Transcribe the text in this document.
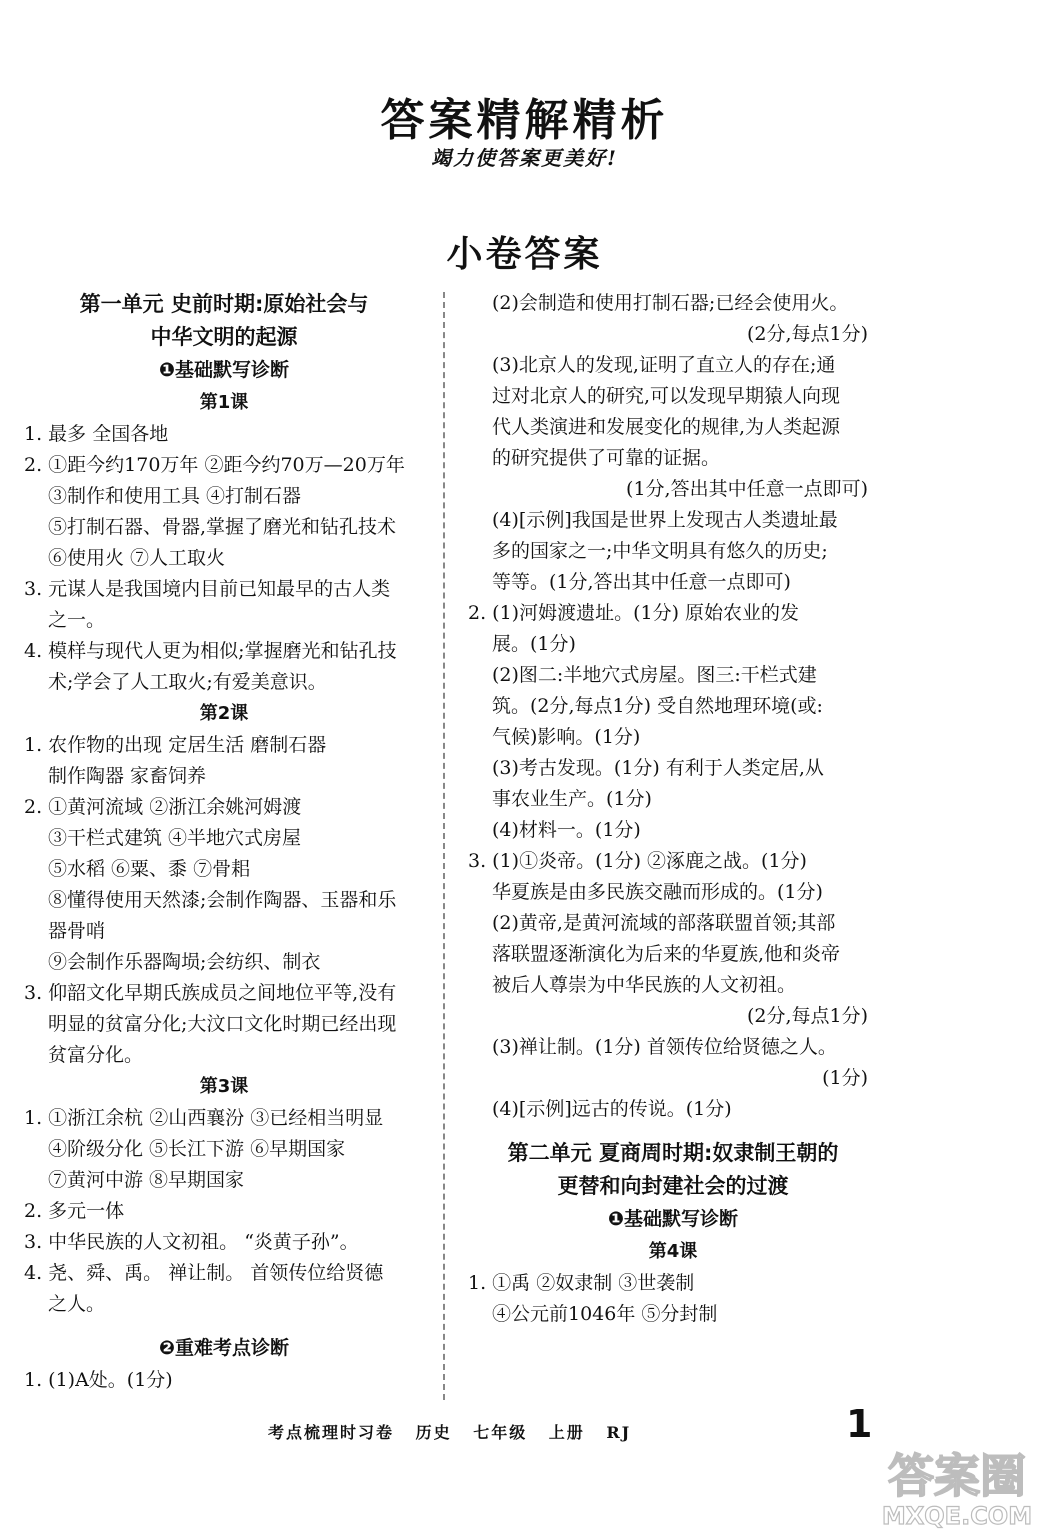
答案精解精析
竭力使答案更美好!
小卷答案
第一单元 史前时期:原始社会与
中华文明的起源
❶基础默写诊断
第1课
1. 最多 全国各地
2. ①距今约170万年 ②距今约70万—20万年
③制作和使用工具 ④打制石器
⑤打制石器、骨器,掌握了磨光和钻孔技术
⑥使用火 ⑦人工取火
3. 元谋人是我国境内目前已知最早的古人类
之一。
4. 模样与现代人更为相似;掌握磨光和钻孔技
术;学会了人工取火;有爱美意识。
第2课
1. 农作物的出现 定居生活 磨制石器
制作陶器 家畜饲养
2. ①黄河流域 ②浙江余姚河姆渡
③干栏式建筑 ④半地穴式房屋
⑤水稻 ⑥粟、黍 ⑦骨耜
⑧懂得使用天然漆;会制作陶器、玉器和乐
器骨哨
⑨会制作乐器陶埙;会纺织、制衣
3. 仰韶文化早期氏族成员之间地位平等,没有
明显的贫富分化;大汶口文化时期已经出现
贫富分化。
第3课
1. ①浙江余杭 ②山西襄汾 ③已经相当明显
④阶级分化 ⑤长江下游 ⑥早期国家
⑦黄河中游 ⑧早期国家
2. 多元一体
3. 中华民族的人文初祖。 “炎黄子孙”。
4. 尧、舜、禹。 禅让制。 首领传位给贤德
之人。
❷重难考点诊断
1. (1)A处。(1分)
(2)会制造和使用打制石器;已经会使用火。
(2分,每点1分)
(3)北京人的发现,证明了直立人的存在;通
过对北京人的研究,可以发现早期猿人向现
代人类演进和发展变化的规律,为人类起源
的研究提供了可靠的证据。
(1分,答出其中任意一点即可)
(4)[示例]我国是世界上发现古人类遗址最
多的国家之一;中华文明具有悠久的历史;
等等。(1分,答出其中任意一点即可)
2. (1)河姆渡遗址。(1分) 原始农业的发
展。(1分)
(2)图二:半地穴式房屋。图三:干栏式建
筑。(2分,每点1分) 受自然地理环境(或:
气候)影响。(1分)
(3)考古发现。(1分) 有利于人类定居,从
事农业生产。(1分)
(4)材料一。(1分)
3. (1)①炎帝。(1分) ②涿鹿之战。(1分)
华夏族是由多民族交融而形成的。(1分)
(2)黄帝,是黄河流域的部落联盟首领;其部
落联盟逐渐演化为后来的华夏族,他和炎帝
被后人尊崇为中华民族的人文初祖。
(2分,每点1分)
(3)禅让制。(1分) 首领传位给贤德之人。
(1分)
(4)[示例]远古的传说。(1分)
第二单元 夏商周时期:奴隶制王朝的
更替和向封建社会的过渡
❶基础默写诊断
第4课
1. ①禹 ②奴隶制 ③世袭制
④公元前1046年 ⑤分封制
考点梳理时习卷 历史 七年级 上册 RJ	1
答案圈
MXQE.COM
